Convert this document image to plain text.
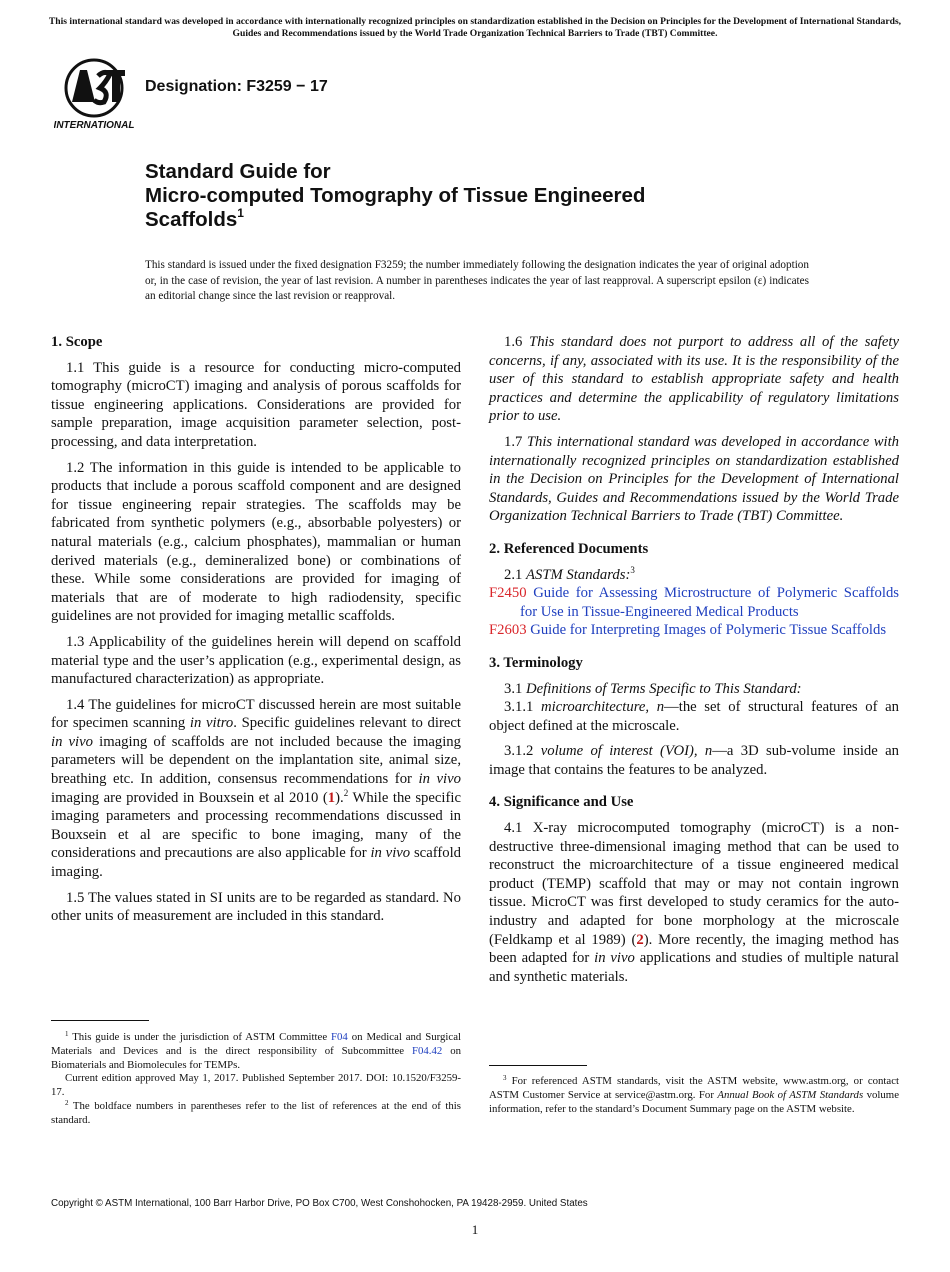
This international standard was developed in accordance with internationally recognized principles on standardization established in the Decision on Principles for the Development of International Standards, Guides and Recommendations issued by the World Trade Organization Technical Barriers to Trade (TBT) Committee.
INTERNATIONAL
Designation: F3259 − 17
Standard Guide for
Micro-computed Tomography of Tissue Engineered
Scaffolds$^1$
This standard is issued under the fixed designation F3259; the number immediately following the designation indicates the year of original adoption or, in the case of revision, the year of last revision. A number in parentheses indicates the year of last reapproval. A superscript epsilon (ε) indicates an editorial change since the last revision or reapproval.
1. Scope

1.1 This guide is a resource for conducting micro-computed tomography (microCT) imaging and analysis of porous scaffolds for tissue engineering applications. Considerations are provided for sample preparation, image acquisition parameter selection, post-processing, and data interpretation.

1.2 The information in this guide is intended to be applicable to products that include a porous scaffold component and are designed for tissue engineering repair strategies. The scaffolds may be fabricated from synthetic polymers (e.g., absorbable polyesters) or natural materials (e.g., calcium phosphates), mammalian or human derived materials (e.g., demineralized bone) or combinations of these. While some considerations are provided for imaging of materials that are of moderate to high radiodensity, specific guidelines are not provided for imaging metallic scaffolds.

1.3 Applicability of the guidelines herein will depend on scaffold material type and the user’s application (e.g., experimental design, as manufactured characterization) as appropriate.

1.4 The guidelines for microCT discussed herein are most suitable for specimen scanning in vitro. Specific guidelines relevant to direct in vivo imaging of scaffolds are not included because the imaging parameters will be dependent on the implantation site, animal size, breathing etc. In addition, consensus recommendations for in vivo imaging are provided in Bouxsein et al 2010 (1).$^2$ While the specific imaging parameters and processing recommendations discussed in Bouxsein et al are specific to bone imaging, many of the considerations and precautions are also applicable for in vivo scaffold imaging.

1.5 The values stated in SI units are to be regarded as standard. No other units of measurement are included in this standard.

1.6 This standard does not purport to address all of the safety concerns, if any, associated with its use. It is the responsibility of the user of this standard to establish appropriate safety and health practices and determine the applicability of regulatory limitations prior to use.

1.7 This international standard was developed in accordance with internationally recognized principles on standardization established in the Decision on Principles for the Development of International Standards, Guides and Recommendations issued by the World Trade Organization Technical Barriers to Trade (TBT) Committee.

2. Referenced Documents

2.1 ASTM Standards:$^3$

F2450 Guide for Assessing Microstructure of Polymeric Scaffolds for Use in Tissue-Engineered Medical Products
F2603 Guide for Interpreting Images of Polymeric Tissue Scaffolds
3. Terminology

3.1 Definitions of Terms Specific to This Standard:

3.1.1 microarchitecture, n—the set of structural features of an object defined at the microscale.

3.1.2 volume of interest (VOI), n—a 3D sub-volume inside an image that contains the features to be analyzed.

4. Significance and Use

4.1 X-ray microcomputed tomography (microCT) is a non-destructive three-dimensional imaging method that can be used to reconstruct the microarchitecture of a tissue engineered medical product (TEMP) scaffold that may or may not contain ingrown tissue. MicroCT was first developed to study ceramics for the auto-industry and adapted for bone morphology at the microscale (Feldkamp et al 1989) (2). More recently, the imaging method has been adapted for in vivo applications and studies of multiple natural and synthetic materials.

$^1$ This guide is under the jurisdiction of ASTM Committee F04 on Medical and Surgical Materials and Devices and is the direct responsibility of Subcommittee F04.42 on Biomaterials and Biomolecules for TEMPs.

Current edition approved May 1, 2017. Published September 2017. DOI: 10.1520/F3259-17.

$^2$ The boldface numbers in parentheses refer to the list of references at the end of this standard.

$^3$ For referenced ASTM standards, visit the ASTM website, www.astm.org, or contact ASTM Customer Service at service@astm.org. For Annual Book of ASTM Standards volume information, refer to the standard’s Document Summary page on the ASTM website.

Copyright © ASTM International, 100 Barr Harbor Drive, PO Box C700, West Conshohocken, PA 19428-2959. United States
1
